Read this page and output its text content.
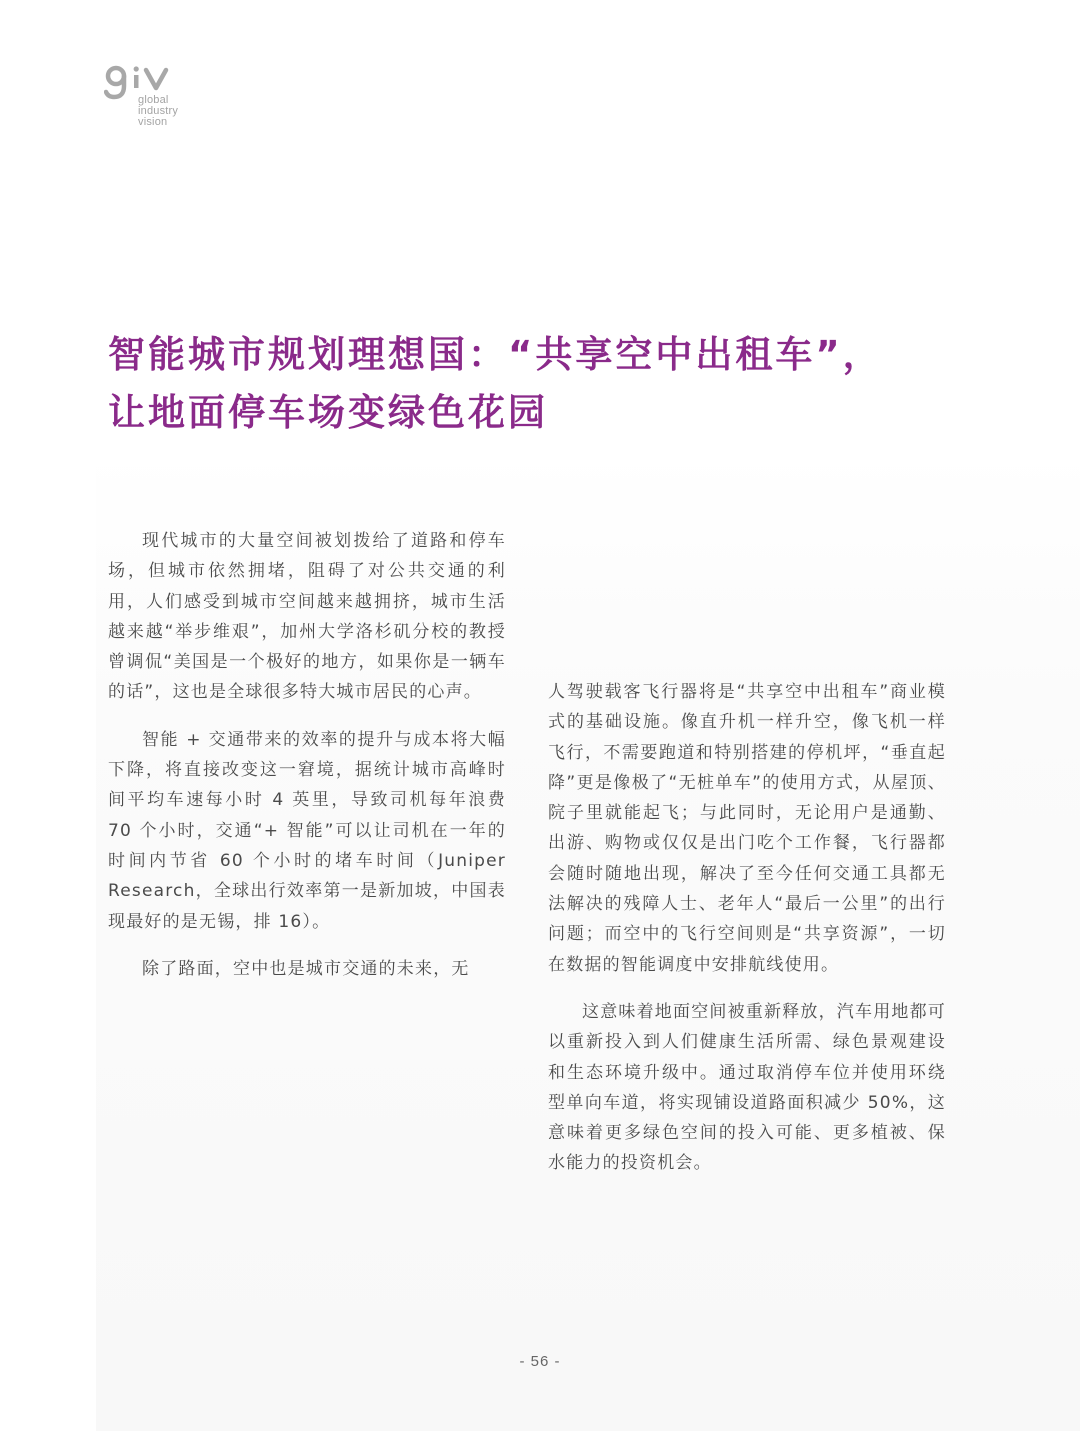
global
industry
vision
智能城市规划理想国：“共享空中出租车”，
让地面停车场变绿色花园

现代城市的大量空间被划拨给了道路和停车场，但城市依然拥堵，阻碍了对公共交通的利用，人们感受到城市空间越来越拥挤，城市生活越来越“举步维艰”，加州大学洛杉矶分校的教授曾调侃“美国是一个极好的地方，如果你是一辆车的话”，这也是全球很多特大城市居民的心声。

智能 + 交通带来的效率的提升与成本将大幅下降，将直接改变这一窘境，据统计城市高峰时间平均车速每小时 4 英里，导致司机每年浪费 70 个小时，交通“+ 智能”可以让司机在一年的时间内节省 60 个小时的堵车时间（Juniper Research，全球出行效率第一是新加坡，中国表现最好的是无锡，排 16）。

除了路面，空中也是城市交通的未来，无

人驾驶载客飞行器将是“共享空中出租车”商业模式的基础设施。像直升机一样升空，像飞机一样飞行，不需要跑道和特别搭建的停机坪，“垂直起降”更是像极了“无桩单车”的使用方式，从屋顶、院子里就能起飞；与此同时，无论用户是通勤、出游、购物或仅仅是出门吃个工作餐，飞行器都会随时随地出现，解决了至今任何交通工具都无法解决的残障人士、老年人“最后一公里”的出行问题；而空中的飞行空间则是“共享资源”，一切在数据的智能调度中安排航线使用。

这意味着地面空间被重新释放，汽车用地都可以重新投入到人们健康生活所需、绿色景观建设和生态环境升级中。通过取消停车位并使用环绕型单向车道，将实现铺设道路面积减少 50%，这意味着更多绿色空间的投入可能、更多植被、保水能力的投资机会。

- 56 -
